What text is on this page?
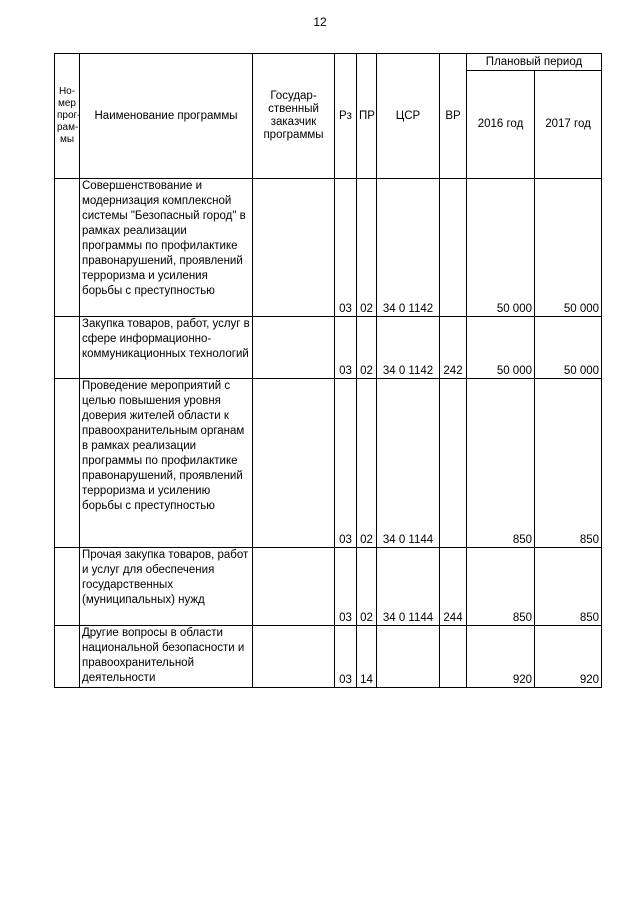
12
Но-мер прог-рам-мы	Наименование программы	Государ-ственный заказчик программы	Рз	ПР	ЦСР	ВР	Плановый период	
							2016 год	2017 год
	Совершенствование и модернизация комплексной системы "Безопасный город" в рамках реализации программы по профилактике правонарушений, проявлений терроризма и усиления борьбы с преступностью		03	02	34 0 1142		50 000	50 000
	Закупка товаров, работ, услуг в сфере информационно-коммуникационных технологий		03	02	34 0 1142	242	50 000	50 000
	Проведение мероприятий с целью повышения уровня доверия жителей области к правоохранительным органам в рамках реализации программы по профилактике правонарушений, проявлений терроризма и усилению борьбы с преступностью		03	02	34 0 1144		850	850
	Прочая закупка товаров, работ и услуг для обеспечения государственных (муниципальных) нужд		03	02	34 0 1144	244	850	850
	Другие вопросы в области национальной безопасности и правоохранительной деятельности		03	14			920	920
